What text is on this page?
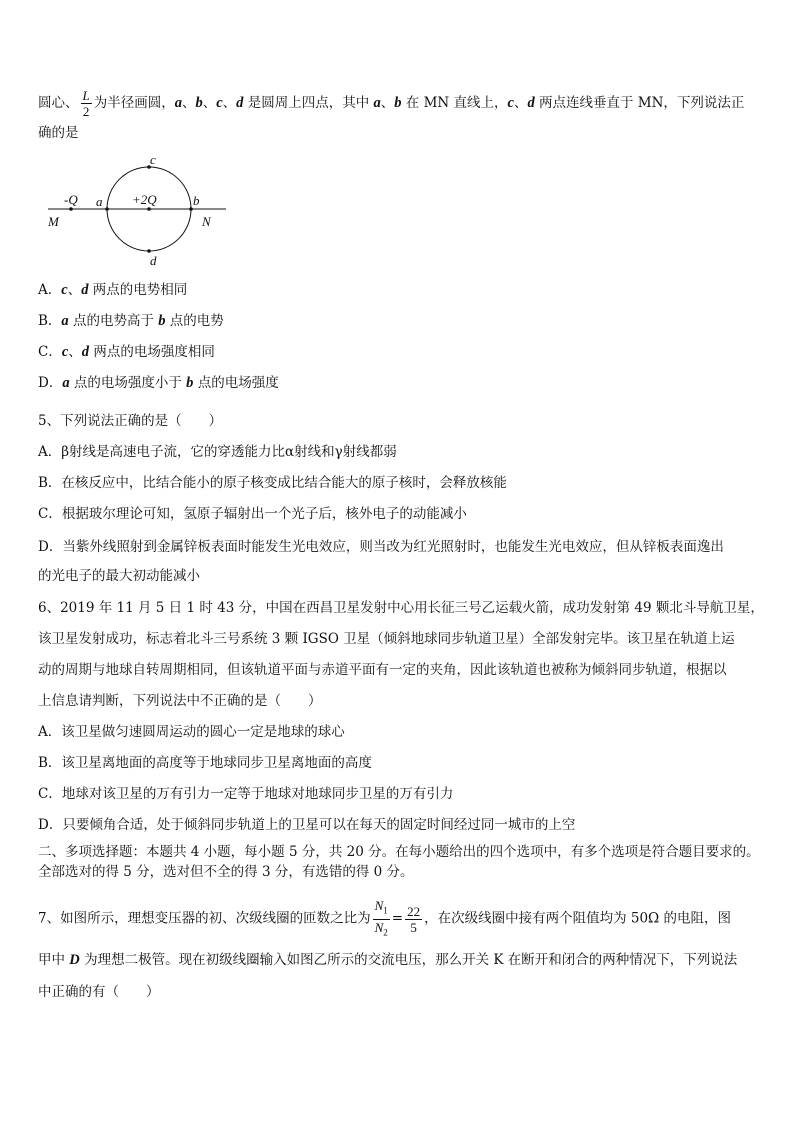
圆心、 $\frac{L}{2}$ 为半径画圆，a、b、c、d 是圆周上四点，其中 a、b 在 MN 直线上，c、d 两点连线垂直于 MN，下列说法正
确的是
-Q	+2Q
a	b
c
d
M	N
A．c、d 两点的电势相同
B．a 点的电势高于 b 点的电势
C．c、d 两点的电场强度相同
D．a 点的电场强度小于 b 点的电场强度
5、下列说法正确的是（　　）
A．β射线是高速电子流，它的穿透能力比α射线和γ射线都弱
B．在核反应中，比结合能小的原子核变成比结合能大的原子核时，会释放核能
C．根据玻尔理论可知，氢原子辐射出一个光子后，核外电子的动能减小
D．当紫外线照射到金属锌板表面时能发生光电效应，则当改为红光照射时，也能发生光电效应，但从锌板表面逸出
的光电子的最大初动能减小
6、2019 年 11 月 5 日 1 时 43 分，中国在西昌卫星发射中心用长征三号乙运载火箭，成功发射第 49 颗北斗导航卫星，
该卫星发射成功，标志着北斗三号系统 3 颗 IGSO 卫星（倾斜地球同步轨道卫星）全部发射完毕。该卫星在轨道上运
动的周期与地球自转周期相同，但该轨道平面与赤道平面有一定的夹角，因此该轨道也被称为倾斜同步轨道，根据以
上信息请判断，下列说法中不正确的是（　　）
A．该卫星做匀速圆周运动的圆心一定是地球的球心
B．该卫星离地面的高度等于地球同步卫星离地面的高度
C．地球对该卫星的万有引力一定等于地球对地球同步卫星的万有引力
D．只要倾角合适，处于倾斜同步轨道上的卫星可以在每天的固定时间经过同一城市的上空
二、多项选择题：本题共 4 小题，每小题 5 分，共 20 分。在每小题给出的四个选项中，有多个选项是符合题目要求的。
全部选对的得 5 分，选对但不全的得 3 分，有选错的得 0 分。
7、如图所示，理想变压器的初、次级线圈的匝数之比为 $\frac{N_1}{N_2} = \frac{22}{5}$ ，在次级线圈中接有两个阻值均为 50Ω 的电阻，图
甲中 D 为理想二极管。现在初级线圈输入如图乙所示的交流电压，那么开关 K 在断开和闭合的两种情况下，下列说法
中正确的有（　　）
